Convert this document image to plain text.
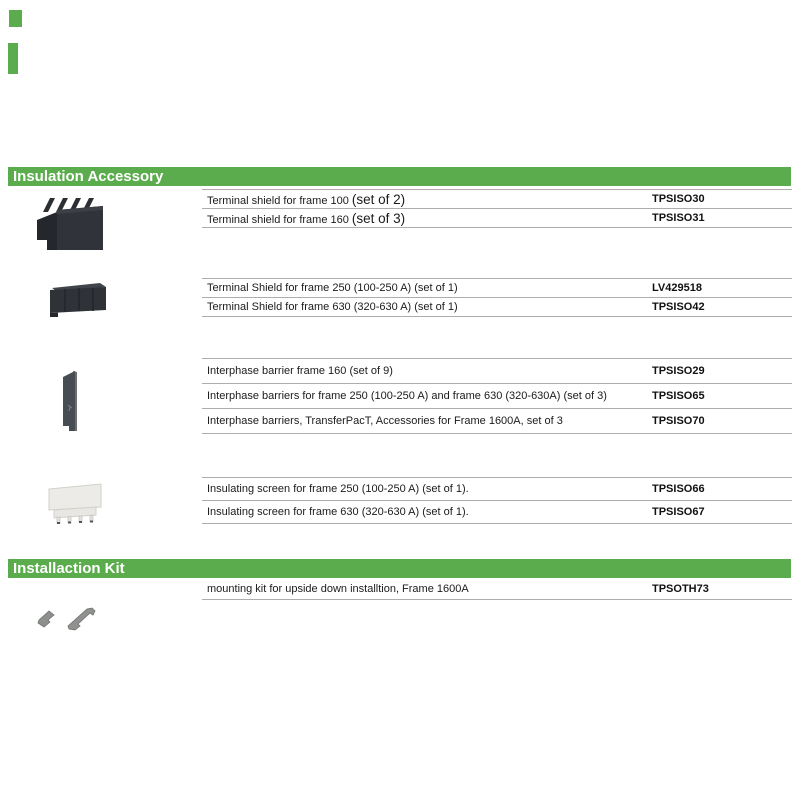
Insulation Accessory
Terminal shield for frame 100 (set of 2)	TPSISO30
Terminal shield for frame 160 (set of 3)	TPSISO31
Terminal Shield for frame 250 (100-250 A) (set of 1)	LV429518
Terminal Shield for frame 630 (320-630 A) (set of 1)	TPSISO42
Interphase barrier frame 160 (set of 9)	TPSISO29
Interphase barriers for frame 250 (100-250 A) and frame 630 (320-630A) (set of 3)	TPSISO65
Interphase barriers, TransferPacT, Accessories for Frame 1600A, set of 3	TPSISO70
Insulating screen for frame 250 (100-250 A) (set of 1).	TPSISO66
Insulating screen for frame 630 (320-630 A) (set of 1).	TPSISO67
Installaction Kit
mounting kit for upside down installtion, Frame 1600A	TPSOTH73
